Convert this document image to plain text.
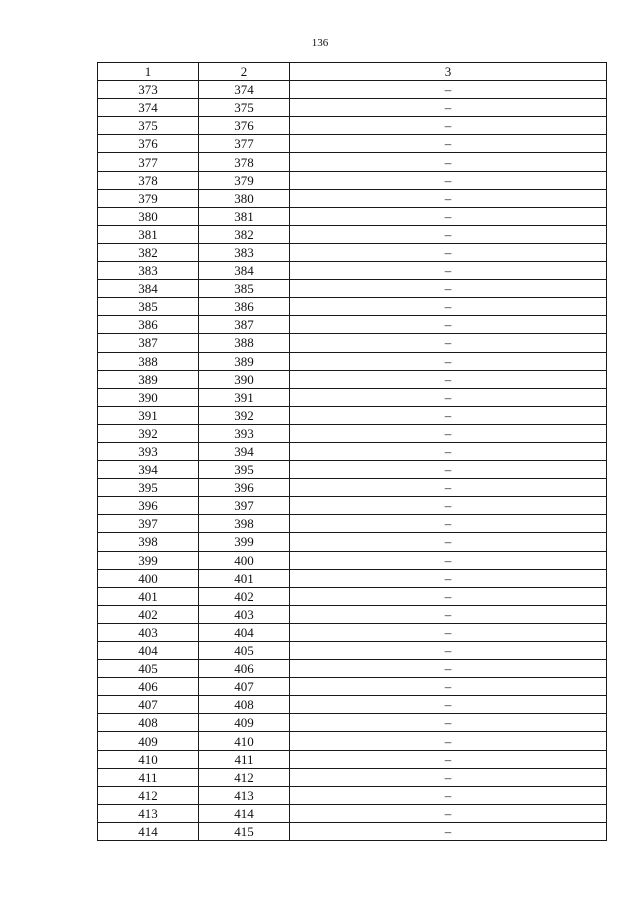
136
1	2	3
373	374	–
374	375	–
375	376	–
376	377	–
377	378	–
378	379	–
379	380	–
380	381	–
381	382	–
382	383	–
383	384	–
384	385	–
385	386	–
386	387	–
387	388	–
388	389	–
389	390	–
390	391	–
391	392	–
392	393	–
393	394	–
394	395	–
395	396	–
396	397	–
397	398	–
398	399	–
399	400	–
400	401	–
401	402	–
402	403	–
403	404	–
404	405	–
405	406	–
406	407	–
407	408	–
408	409	–
409	410	–
410	411	–
411	412	–
412	413	–
413	414	–
414	415	–
